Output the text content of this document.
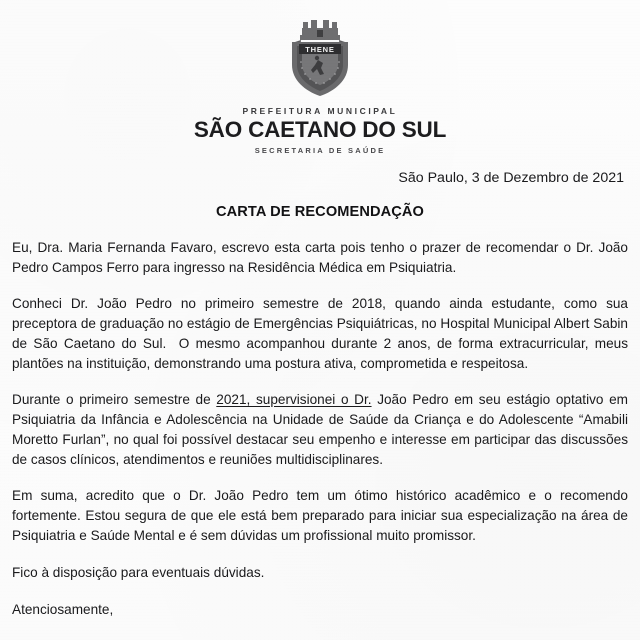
THENE
PREFEITURA MUNICIPAL
SÃO CAETANO DO SUL
SECRETARIA DE SAÚDE
São Paulo, 3 de Dezembro de 2021
CARTA DE RECOMENDAÇÃO
Eu, Dra. Maria Fernanda Favaro, escrevo esta carta pois tenho o prazer de recomendar o Dr. João Pedro Campos Ferro para ingresso na Residência Médica em Psiquiatria.
Conheci Dr. João Pedro no primeiro semestre de 2018, quando ainda estudante, como sua preceptora de graduação no estágio de Emergências Psiquiátricas, no Hospital Municipal Albert Sabin de São Caetano do Sul.  O mesmo acompanhou durante 2 anos, de forma extracurricular, meus plantões na instituição, demonstrando uma postura ativa, comprometida e respeitosa.
Durante o primeiro semestre de 2021, supervisionei o Dr. João Pedro em seu estágio optativo em Psiquiatria da Infância e Adolescência na Unidade de Saúde da Criança e do Adolescente “Amabili Moretto Furlan”, no qual foi possível destacar seu empenho e interesse em participar das discussões de casos clínicos, atendimentos e reuniões multidisciplinares.
Em suma, acredito que o Dr. João Pedro tem um ótimo histórico acadêmico e o recomendo fortemente. Estou segura de que ele está bem preparado para iniciar sua especialização na área de Psiquiatria e Saúde Mental e é sem dúvidas um profissional muito promissor.
Fico à disposição para eventuais dúvidas.
Atenciosamente,
